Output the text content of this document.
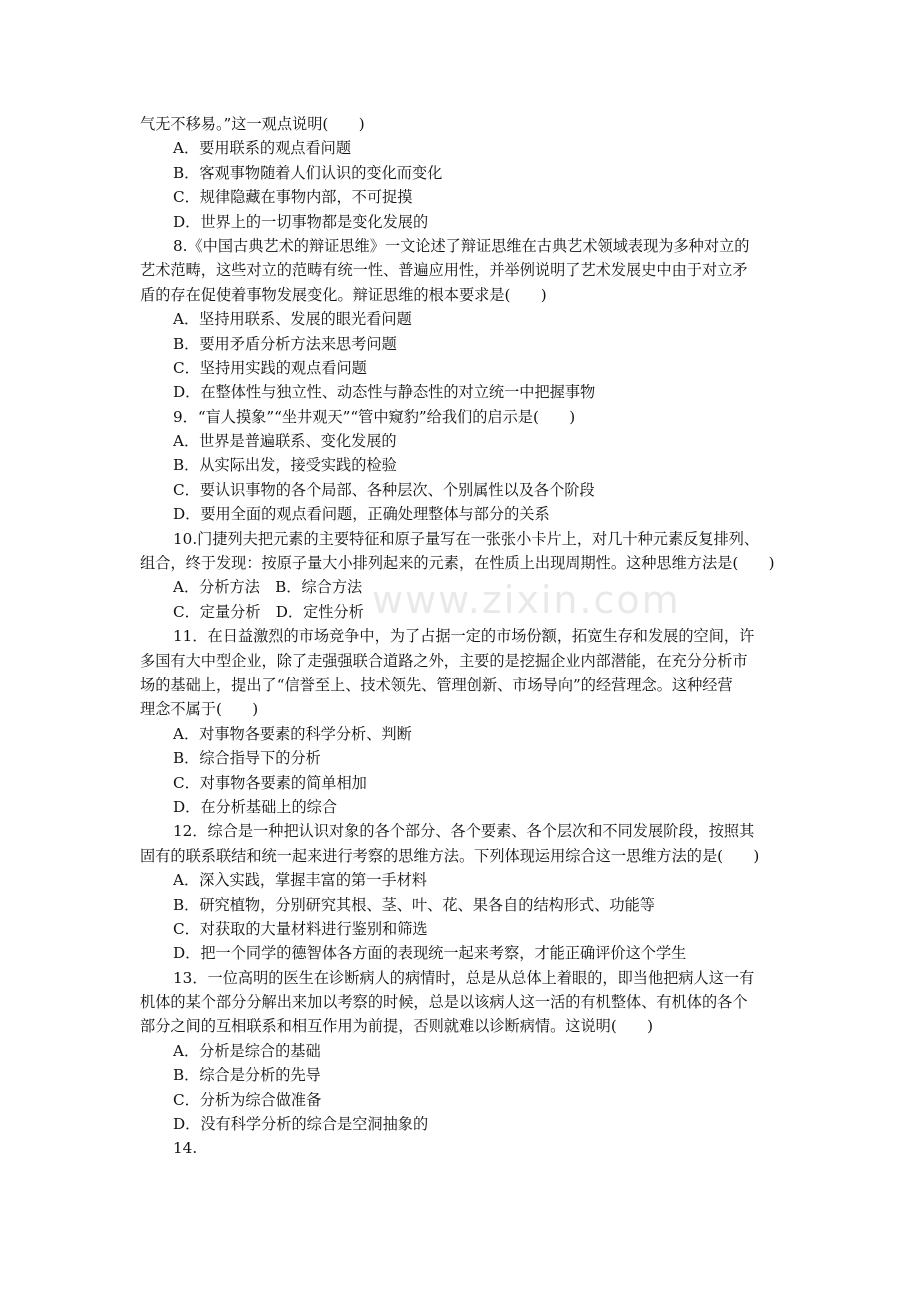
www.zixin.com
气无不移易。”这一观点说明(　　)
A．要用联系的观点看问题
B．客观事物随着人们认识的变化而变化
C．规律隐藏在事物内部，不可捉摸
D．世界上的一切事物都是变化发展的
8.《中国古典艺术的辩证思维》一文论述了辩证思维在古典艺术领域表现为多种对立的
艺术范畴，这些对立的范畴有统一性、普遍应用性，并举例说明了艺术发展史中由于对立矛
盾的存在促使着事物发展变化。辩证思维的根本要求是(　　)
A．坚持用联系、发展的眼光看问题
B．要用矛盾分析方法来思考问题
C．坚持用实践的观点看问题
D．在整体性与独立性、动态性与静态性的对立统一中把握事物
9．“盲人摸象”“坐井观天”“管中窥豹”给我们的启示是(　　)
A．世界是普遍联系、变化发展的
B．从实际出发，接受实践的检验
C．要认识事物的各个局部、各种层次、个别属性以及各个阶段
D．要用全面的观点看问题，正确处理整体与部分的关系
10.门捷列夫把元素的主要特征和原子量写在一张张小卡片上，对几十种元素反复排列、
组合，终于发现：按原子量大小排列起来的元素，在性质上出现周期性。这种思维方法是(　　)
A．分析方法　B．综合方法
C．定量分析　D．定性分析
11．在日益激烈的市场竞争中，为了占据一定的市场份额，拓宽生存和发展的空间，许
多国有大中型企业，除了走强强联合道路之外，主要的是挖掘企业内部潜能，在充分分析市
场的基础上，提出了“信誉至上、技术领先、管理创新、市场导向”的经营理念。这种经营
理念不属于(　　)
A．对事物各要素的科学分析、判断
B．综合指导下的分析
C．对事物各要素的简单相加
D．在分析基础上的综合
12．综合是一种把认识对象的各个部分、各个要素、各个层次和不同发展阶段，按照其
固有的联系联结和统一起来进行考察的思维方法。下列体现运用综合这一思维方法的是(　　)
A．深入实践，掌握丰富的第一手材料
B．研究植物，分别研究其根、茎、叶、花、果各自的结构形式、功能等
C．对获取的大量材料进行鉴别和筛选
D．把一个同学的德智体各方面的表现统一起来考察，才能正确评价这个学生
13．一位高明的医生在诊断病人的病情时，总是从总体上着眼的，即当他把病人这一有
机体的某个部分分解出来加以考察的时候，总是以该病人这一活的有机整体、有机体的各个
部分之间的互相联系和相互作用为前提，否则就难以诊断病情。这说明(　　)
A．分析是综合的基础
B．综合是分析的先导
C．分析为综合做准备
D．没有科学分析的综合是空洞抽象的
14.
